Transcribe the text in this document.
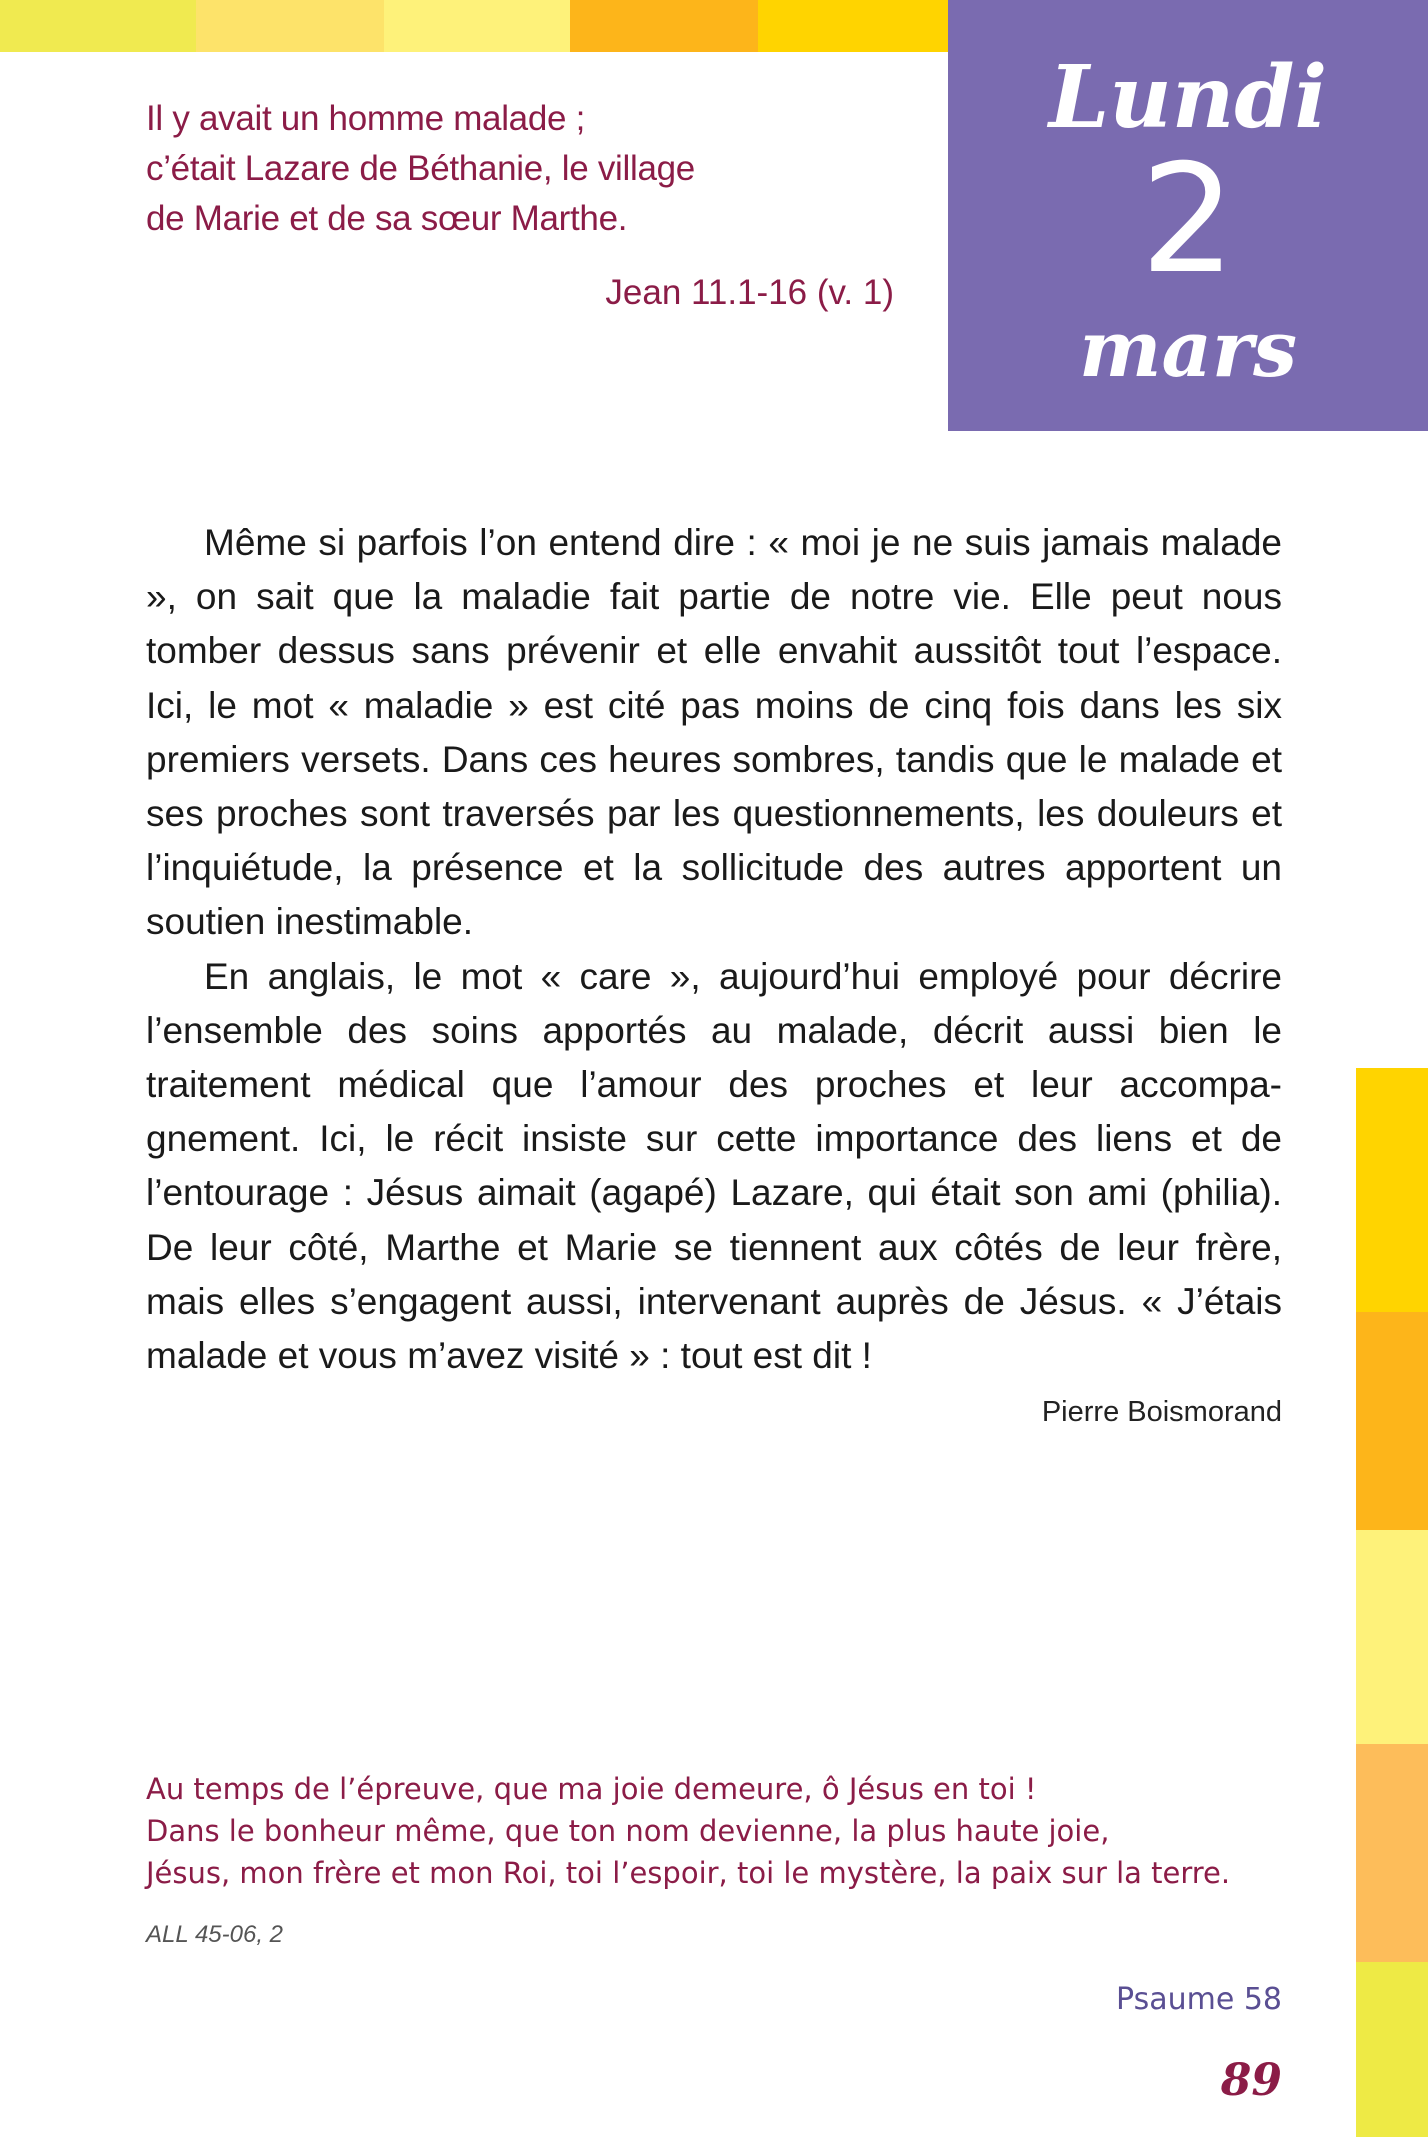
Lundi
2
mars
Il y avait un homme malade ;
c’était Lazare de Béthanie, le village
de Marie et de sa sœur Marthe.
Jean 11.1-16 (v. 1)

Même si parfois l’on entend dire : « moi je ne suis jamais malade », on sait que la maladie fait partie de notre vie. Elle peut nous tomber dessus sans prévenir et elle envahit aussitôt tout l’espace. Ici, le mot « maladie » est cité pas moins de cinq fois dans les six premiers versets. Dans ces heures sombres, tandis que le malade et ses proches sont traversés par les questionnements, les douleurs et l’inquiétude, la présence et la sollicitude des autres apportent un soutien inestimable.

En anglais, le mot « care », aujourd’hui employé pour décrire l’ensemble des soins apportés au malade, décrit aussi bien le traitement médical que l’amour des proches et leur accompagnement. Ici, le récit insiste sur cette importance des liens et de l’entourage : Jésus aimait (agapé) Lazare, qui était son ami (philia). De leur côté, Marthe et Marie se tiennent aux côtés de leur frère, mais elles s’engagent aussi, intervenant auprès de Jésus. « J’étais malade et vous m’avez visité » : tout est dit !

Pierre Boismorand
Au temps de l’épreuve, que ma joie demeure, ô Jésus en toi !
Dans le bonheur même, que ton nom devienne, la plus haute joie,
Jésus, mon frère et mon Roi, toi l’espoir, toi le mystère, la paix sur la terre.
ALL 45-06, 2
Psaume 58
89
